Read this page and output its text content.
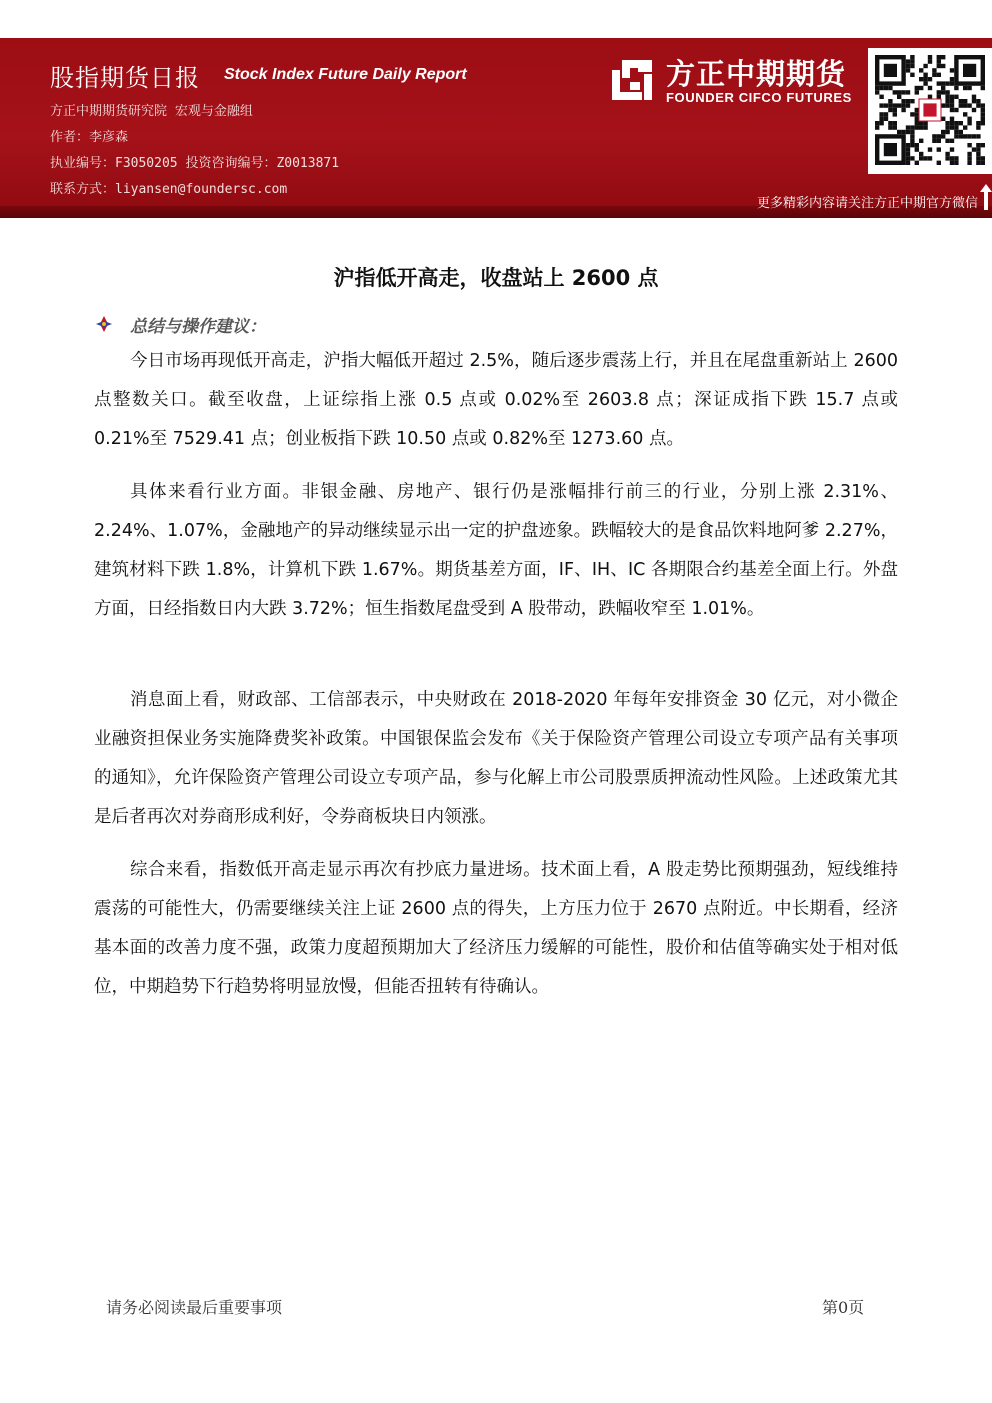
股指期货日报 Stock Index Future Daily Report
方正中期期货研究院 宏观与金融组
作者：李彦森
执业编号：F3050205 投资咨询编号：Z0013871
联系方式：liyansen@foundersc.com
方正中期期货
FOUNDER CIFCO FUTURES
更多精彩内容请关注方正中期官方微信
沪指低开高走，收盘站上 2600 点
总结与操作建议：

今日市场再现低开高走，沪指大幅低开超过 2.5%，随后逐步震荡上行，并且在尾盘重新站上 2600 点整数关口。截至收盘，上证综指上涨 0.5 点或 0.02%至 2603.8 点；深证成指下跌 15.7 点或 0.21%至 7529.41 点；创业板指下跌 10.50 点或 0.82%至 1273.60 点。

具体来看行业方面。非银金融、房地产、银行仍是涨幅排行前三的行业，分别上涨 2.31%、2.24%、1.07%，金融地产的异动继续显示出一定的护盘迹象。跌幅较大的是食品饮料地阿爹 2.27%，建筑材料下跌 1.8%，计算机下跌 1.67%。期货基差方面，IF、IH、IC 各期限合约基差全面上行。外盘方面，日经指数日内大跌 3.72%；恒生指数尾盘受到 A 股带动，跌幅收窄至 1.01%。

消息面上看，财政部、工信部表示，中央财政在 2018-2020 年每年安排资金 30 亿元，对小微企业融资担保业务实施降费奖补政策。中国银保监会发布《关于保险资产管理公司设立专项产品有关事项的通知》，允许保险资产管理公司设立专项产品，参与化解上市公司股票质押流动性风险。上述政策尤其是后者再次对券商形成利好，令券商板块日内领涨。

综合来看，指数低开高走显示再次有抄底力量进场。技术面上看，A 股走势比预期强劲，短线维持震荡的可能性大，仍需要继续关注上证 2600 点的得失，上方压力位于 2670 点附近。中长期看，经济基本面的改善力度不强，政策力度超预期加大了经济压力缓解的可能性，股价和估值等确实处于相对低位，中期趋势下行趋势将明显放慢，但能否扭转有待确认。

请务必阅读最后重要事项	第0页
